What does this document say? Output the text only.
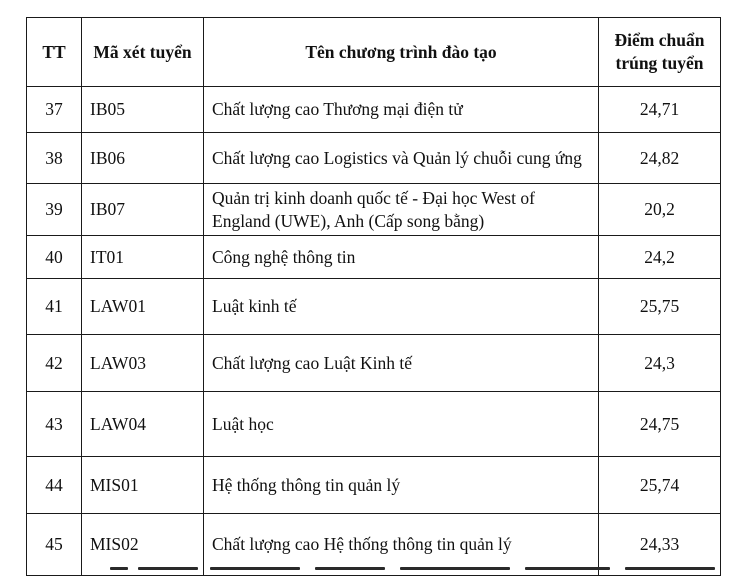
TT	Mã xét tuyển	Tên chương trình đào tạo	Điểm chuẩn trúng tuyển
37	IB05	Chất lượng cao Thương mại điện tử	24,71
38	IB06	Chất lượng cao Logistics và Quản lý chuỗi cung ứng	24,82
39	IB07	Quản trị kinh doanh quốc tế - Đại học West of England (UWE), Anh (Cấp song bằng)	20,2
40	IT01	Công nghệ thông tin	24,2
41	LAW01	Luật kinh tế	25,75
42	LAW03	Chất lượng cao Luật Kinh tế	24,3
43	LAW04	Luật học	24,75
44	MIS01	Hệ thống thông tin quản lý	25,74
45	MIS02	Chất lượng cao Hệ thống thông tin quản lý	24,33
